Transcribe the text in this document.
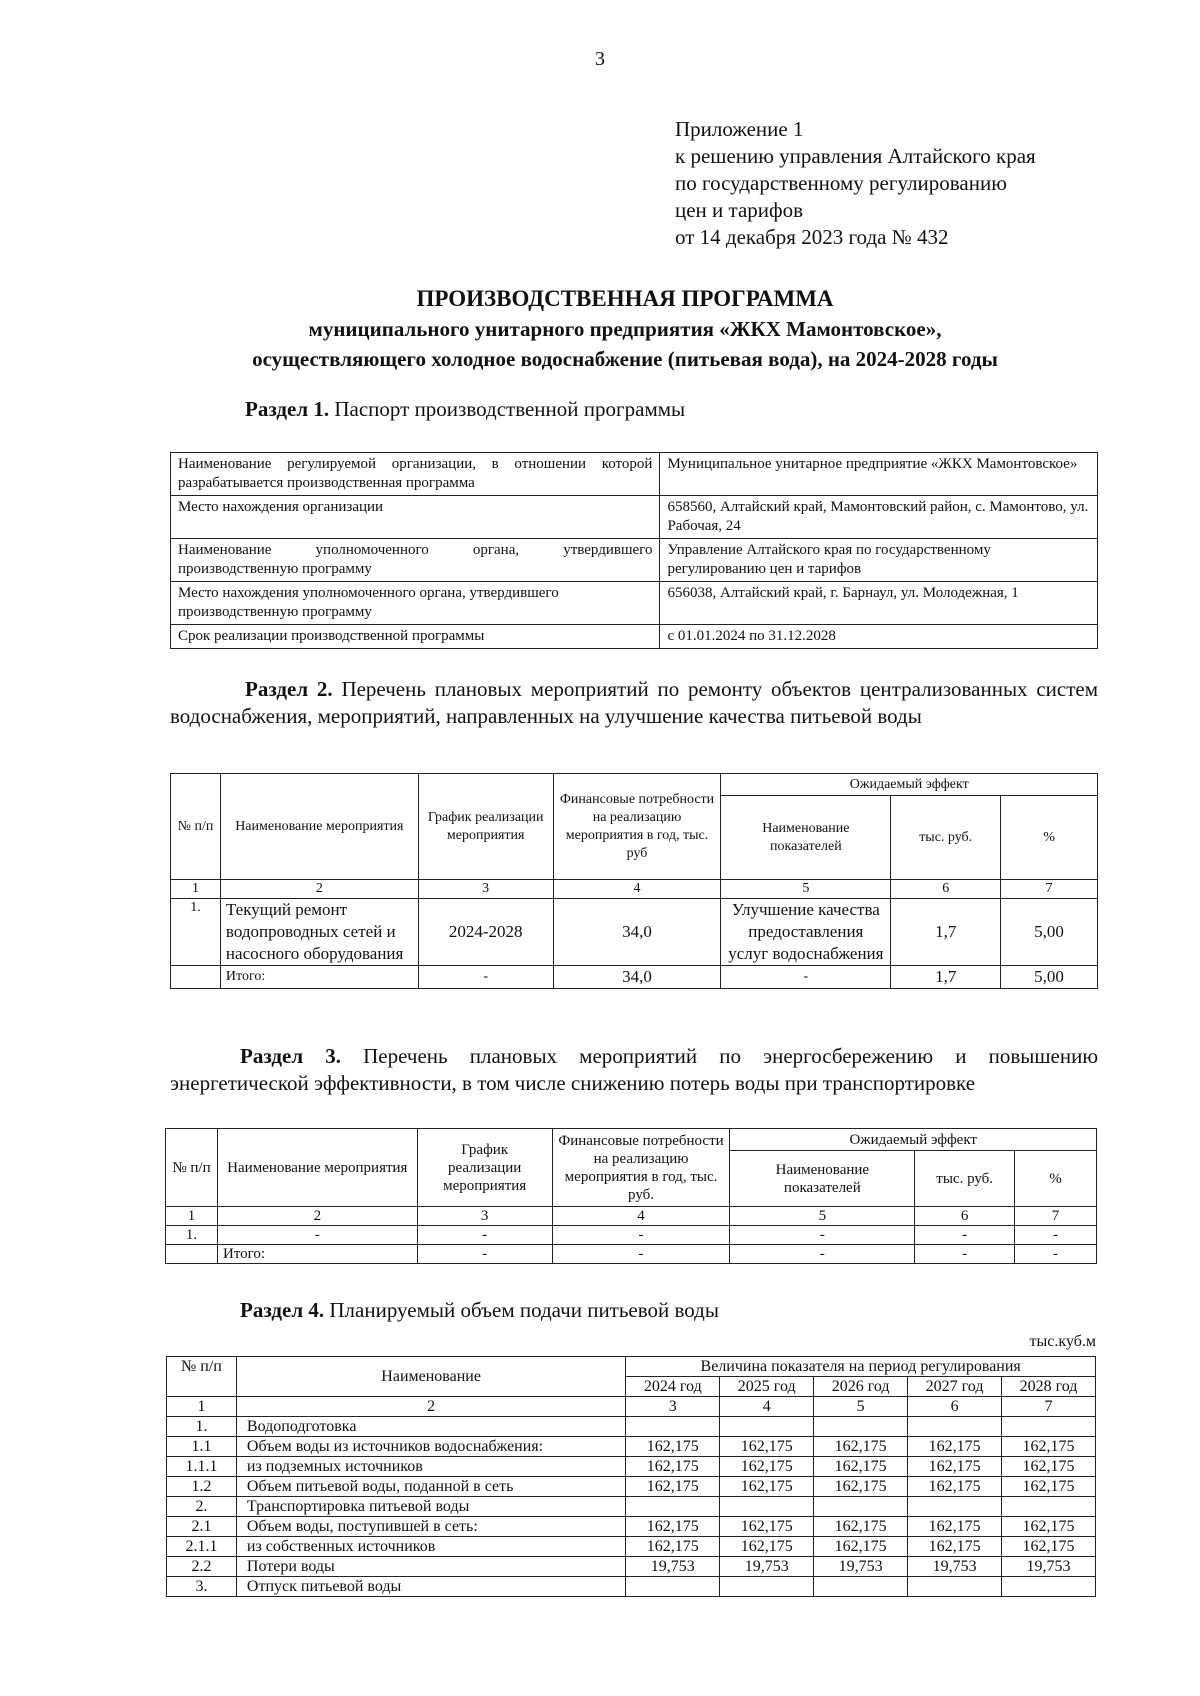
3
Приложение 1
к решению управления Алтайского края
по государственному регулированию
цен и тарифов
от 14 декабря 2023 года № 432
ПРОИЗВОДСТВЕННАЯ ПРОГРАММА
муниципального унитарного предприятия «ЖКХ Мамонтовское»,
осуществляющего холодное водоснабжение (питьевая вода), на 2024-2028 годы
Раздел 1. Паспорт производственной программы
Наименование регулируемой организации, в отношении которой разрабатывается производственная программа	Муниципальное унитарное предприятие «ЖКХ Мамонтовское»
Место нахождения организации	658560, Алтайский край, Мамонтовский район, с. Мамонтово, ул. Рабочая, 24
Наименование уполномоченного органа, утвердившего производственную программу	Управление Алтайского края по государственному регулированию цен и тарифов
Место нахождения уполномоченного органа, утвердившего производственную программу	656038, Алтайский край, г. Барнаул, ул. Молодежная, 1
Срок реализации производственной программы	с 01.01.2024 по 31.12.2028
Раздел 2. Перечень плановых мероприятий по ремонту объектов централизованных систем водоснабжения, мероприятий, направленных на улучшение качества питьевой воды
№ п/п	Наименование мероприятия	График реализации мероприятия	Финансовые потребности на реализацию мероприятия в год, тыс. руб	Ожидаемый эффект		
				Наименование показателей	тыс. руб.	%
1	2	3	4	5	6	7
1.	Текущий ремонт водопроводных сетей и насосного оборудования	2024-2028	34,0	Улучшение качества предоставления услуг водоснабжения	1,7	5,00
	Итого:	-	34,0	-	1,7	5,00
Раздел 3. Перечень плановых мероприятий по энергосбережению и повышению энергетической эффективности, в том числе снижению потерь воды при транспортировке
№ п/п	Наименование мероприятия	График реализации мероприятия	Финансовые потребности на реализацию мероприятия в год, тыс. руб.	Ожидаемый эффект		
				Наименование показателей	тыс. руб.	%
1	2	3	4	5	6	7
1.	-	-	-	-	-	-
	Итого:	-	-	-	-	-
Раздел 4. Планируемый объем подачи питьевой воды
тыс.куб.м
№ п/п	Наименование	Величина показателя на период регулирования				
		2024 год	2025 год	2026 год	2027 год	2028 год
1	2	3	4	5	6	7
1.	Водоподготовка					
1.1	Объем воды из источников водоснабжения:	162,175	162,175	162,175	162,175	162,175
1.1.1	из подземных источников	162,175	162,175	162,175	162,175	162,175
1.2	Объем питьевой воды, поданной в сеть	162,175	162,175	162,175	162,175	162,175
2.	Транспортировка питьевой воды					
2.1	Объем воды, поступившей в сеть:	162,175	162,175	162,175	162,175	162,175
2.1.1	из собственных источников	162,175	162,175	162,175	162,175	162,175
2.2	Потери воды	19,753	19,753	19,753	19,753	19,753
3.	Отпуск питьевой воды					
